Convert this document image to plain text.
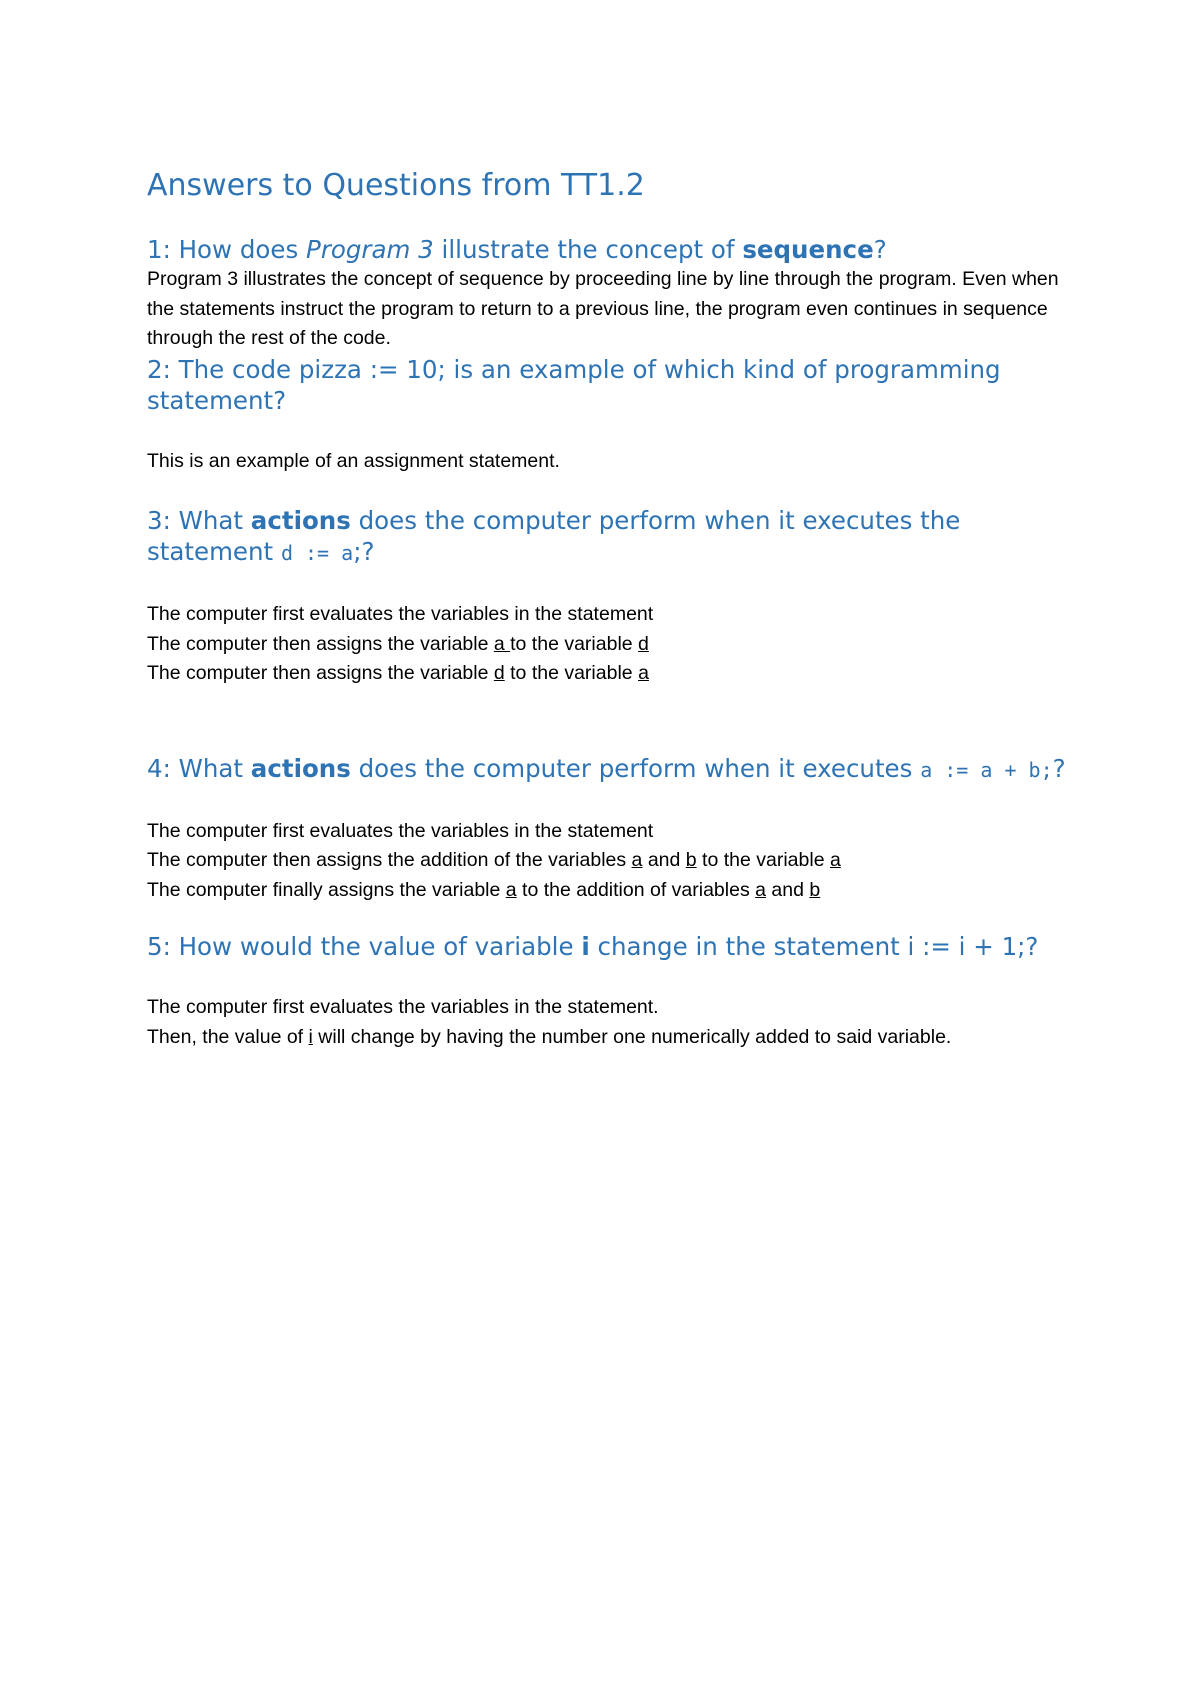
Answers to Questions from TT1.2

1: How does Program 3 illustrate the concept of sequence?

Program 3 illustrates the concept of sequence by proceeding line by line through the program. Even when the statements instruct the program to return to a previous line, the program even continues in sequence through the rest of the code.

2: The code pizza := 10; is an example of which kind of programming statement?

This is an example of an assignment statement.

3: What actions does the computer perform when it executes the statement d := a;?

The computer first evaluates the variables in the statement

The computer then assigns the variable a to the variable d

The computer then assigns the variable d to the variable a

4: What actions does the computer perform when it executes a := a + b;?

The computer first evaluates the variables in the statement

The computer then assigns the addition of the variables a and b to the variable a

The computer finally assigns the variable a to the addition of variables a and b

5: How would the value of variable i change in the statement i := i + 1;?

The computer first evaluates the variables in the statement.

Then, the value of i will change by having the number one numerically added to said variable.
